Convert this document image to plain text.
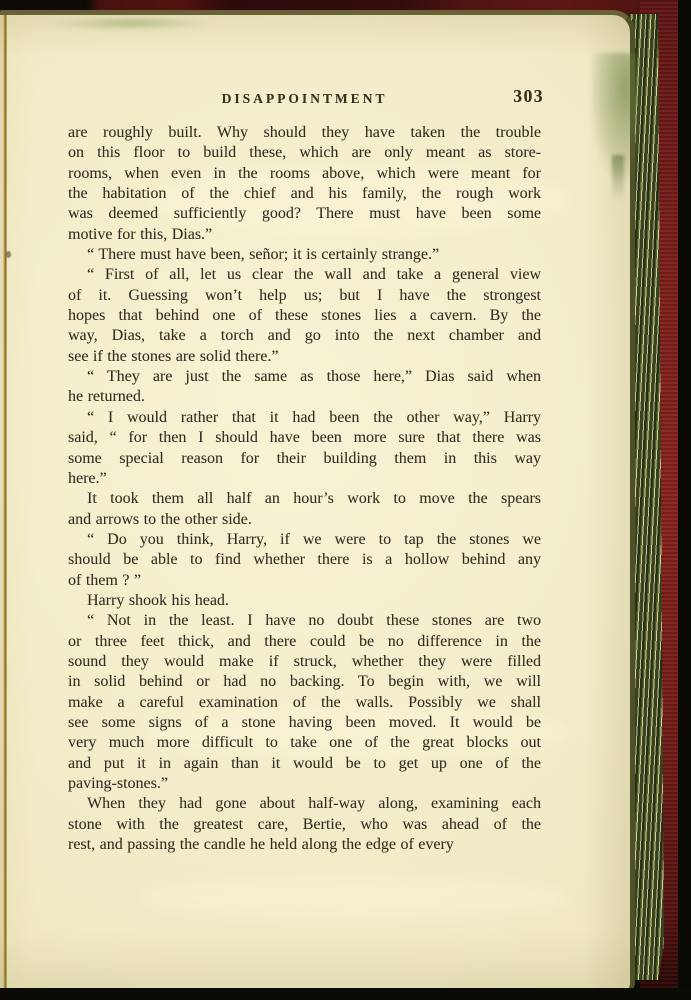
DISAPPOINTMENT	303
are roughly built. Why should they have taken the trouble
on this floor to build these, which are only meant as store-
rooms, when even in the rooms above, which were meant for
the habitation of the chief and his family, the rough work
was deemed sufficiently good? There must have been some
motive for this, Dias.”
“ There must have been, señor; it is certainly strange.”
“ First of all, let us clear the wall and take a general view
of it. Guessing won’t help us; but I have the strongest
hopes that behind one of these stones lies a cavern. By the
way, Dias, take a torch and go into the next chamber and
see if the stones are solid there.”
“ They are just the same as those here,” Dias said when
he returned.
“ I would rather that it had been the other way,” Harry
said, “ for then I should have been more sure that there was
some special reason for their building them in this way
here.”
It took them all half an hour’s work to move the spears
and arrows to the other side.
“ Do you think, Harry, if we were to tap the stones we
should be able to find whether there is a hollow behind any
of them ? ”
Harry shook his head.
“ Not in the least. I have no doubt these stones are two
or three feet thick, and there could be no difference in the
sound they would make if struck, whether they were filled
in solid behind or had no backing. To begin with, we will
make a careful examination of the walls. Possibly we shall
see some signs of a stone having been moved. It would be
very much more difficult to take one of the great blocks out
and put it in again than it would be to get up one of the
paving-stones.”
When they had gone about half-way along, examining each
stone with the greatest care, Bertie, who was ahead of the
rest, and passing the candle he held along the edge of every
